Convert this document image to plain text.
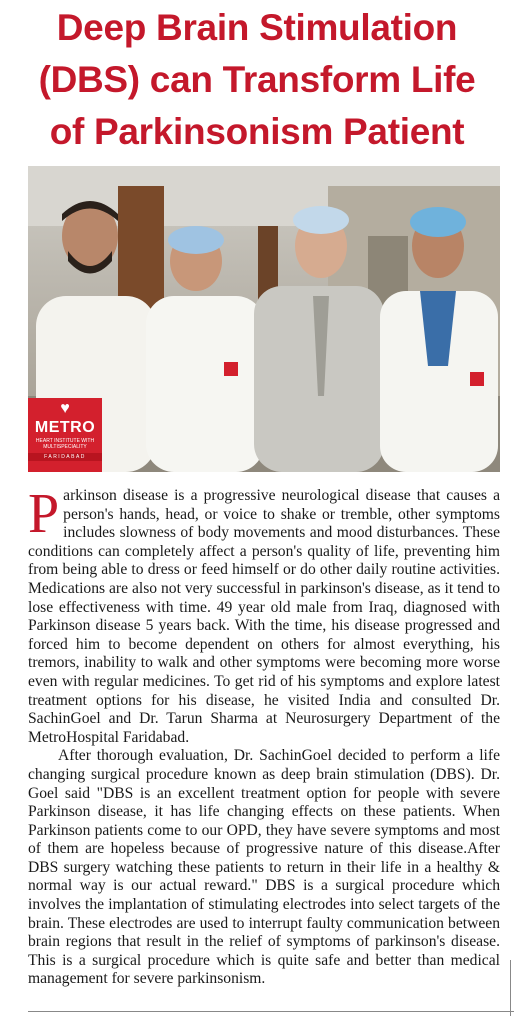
Deep Brain Stimulation
(DBS) can Transform Life
of Parkinsonism Patient
♥
METRO
HEART INSTITUTE WITH MULTISPECIALITY
FARIDABAD

Parkinson disease is a progressive neurological disease that causes a person's hands, head, or voice to shake or tremble, other symptoms includes slowness of body movements and mood disturbances. These conditions can completely affect a person's quality of life, preventing him from being able to dress or feed himself or do other daily routine activities. Medications are also not very successful in parkinson's disease, as it tend to lose effectiveness with time. 49 year old male from Iraq, diagnosed with Parkinson disease 5 years back. With the time, his disease progressed and forced him to become dependent on others for almost everything, his tremors, inability to walk and other symptoms were becoming more worse even with regular medicines. To get rid of his symptoms and explore latest treatment options for his disease, he visited India and consulted Dr. SachinGoel and Dr. Tarun Sharma at Neurosurgery Department of the MetroHospital Faridabad.

After thorough evaluation, Dr. SachinGoel decided to perform a life changing surgical procedure known as deep brain stimulation (DBS). Dr. Goel said "DBS is an excellent treatment option for people with severe Parkinson disease, it has life changing effects on these patients. When Parkinson patients come to our OPD, they have severe symptoms and most of them are hopeless because of progressive nature of this disease.After DBS surgery watching these patients to return in their life in a healthy & normal way is our actual reward." DBS is a surgical procedure which involves the implantation of stimulating electrodes into select targets of the brain. These electrodes are used to interrupt faulty communication between brain regions that result in the relief of symptoms of parkinson's disease. This is a surgical procedure which is quite safe and better than medical management for severe parkinsonism.
